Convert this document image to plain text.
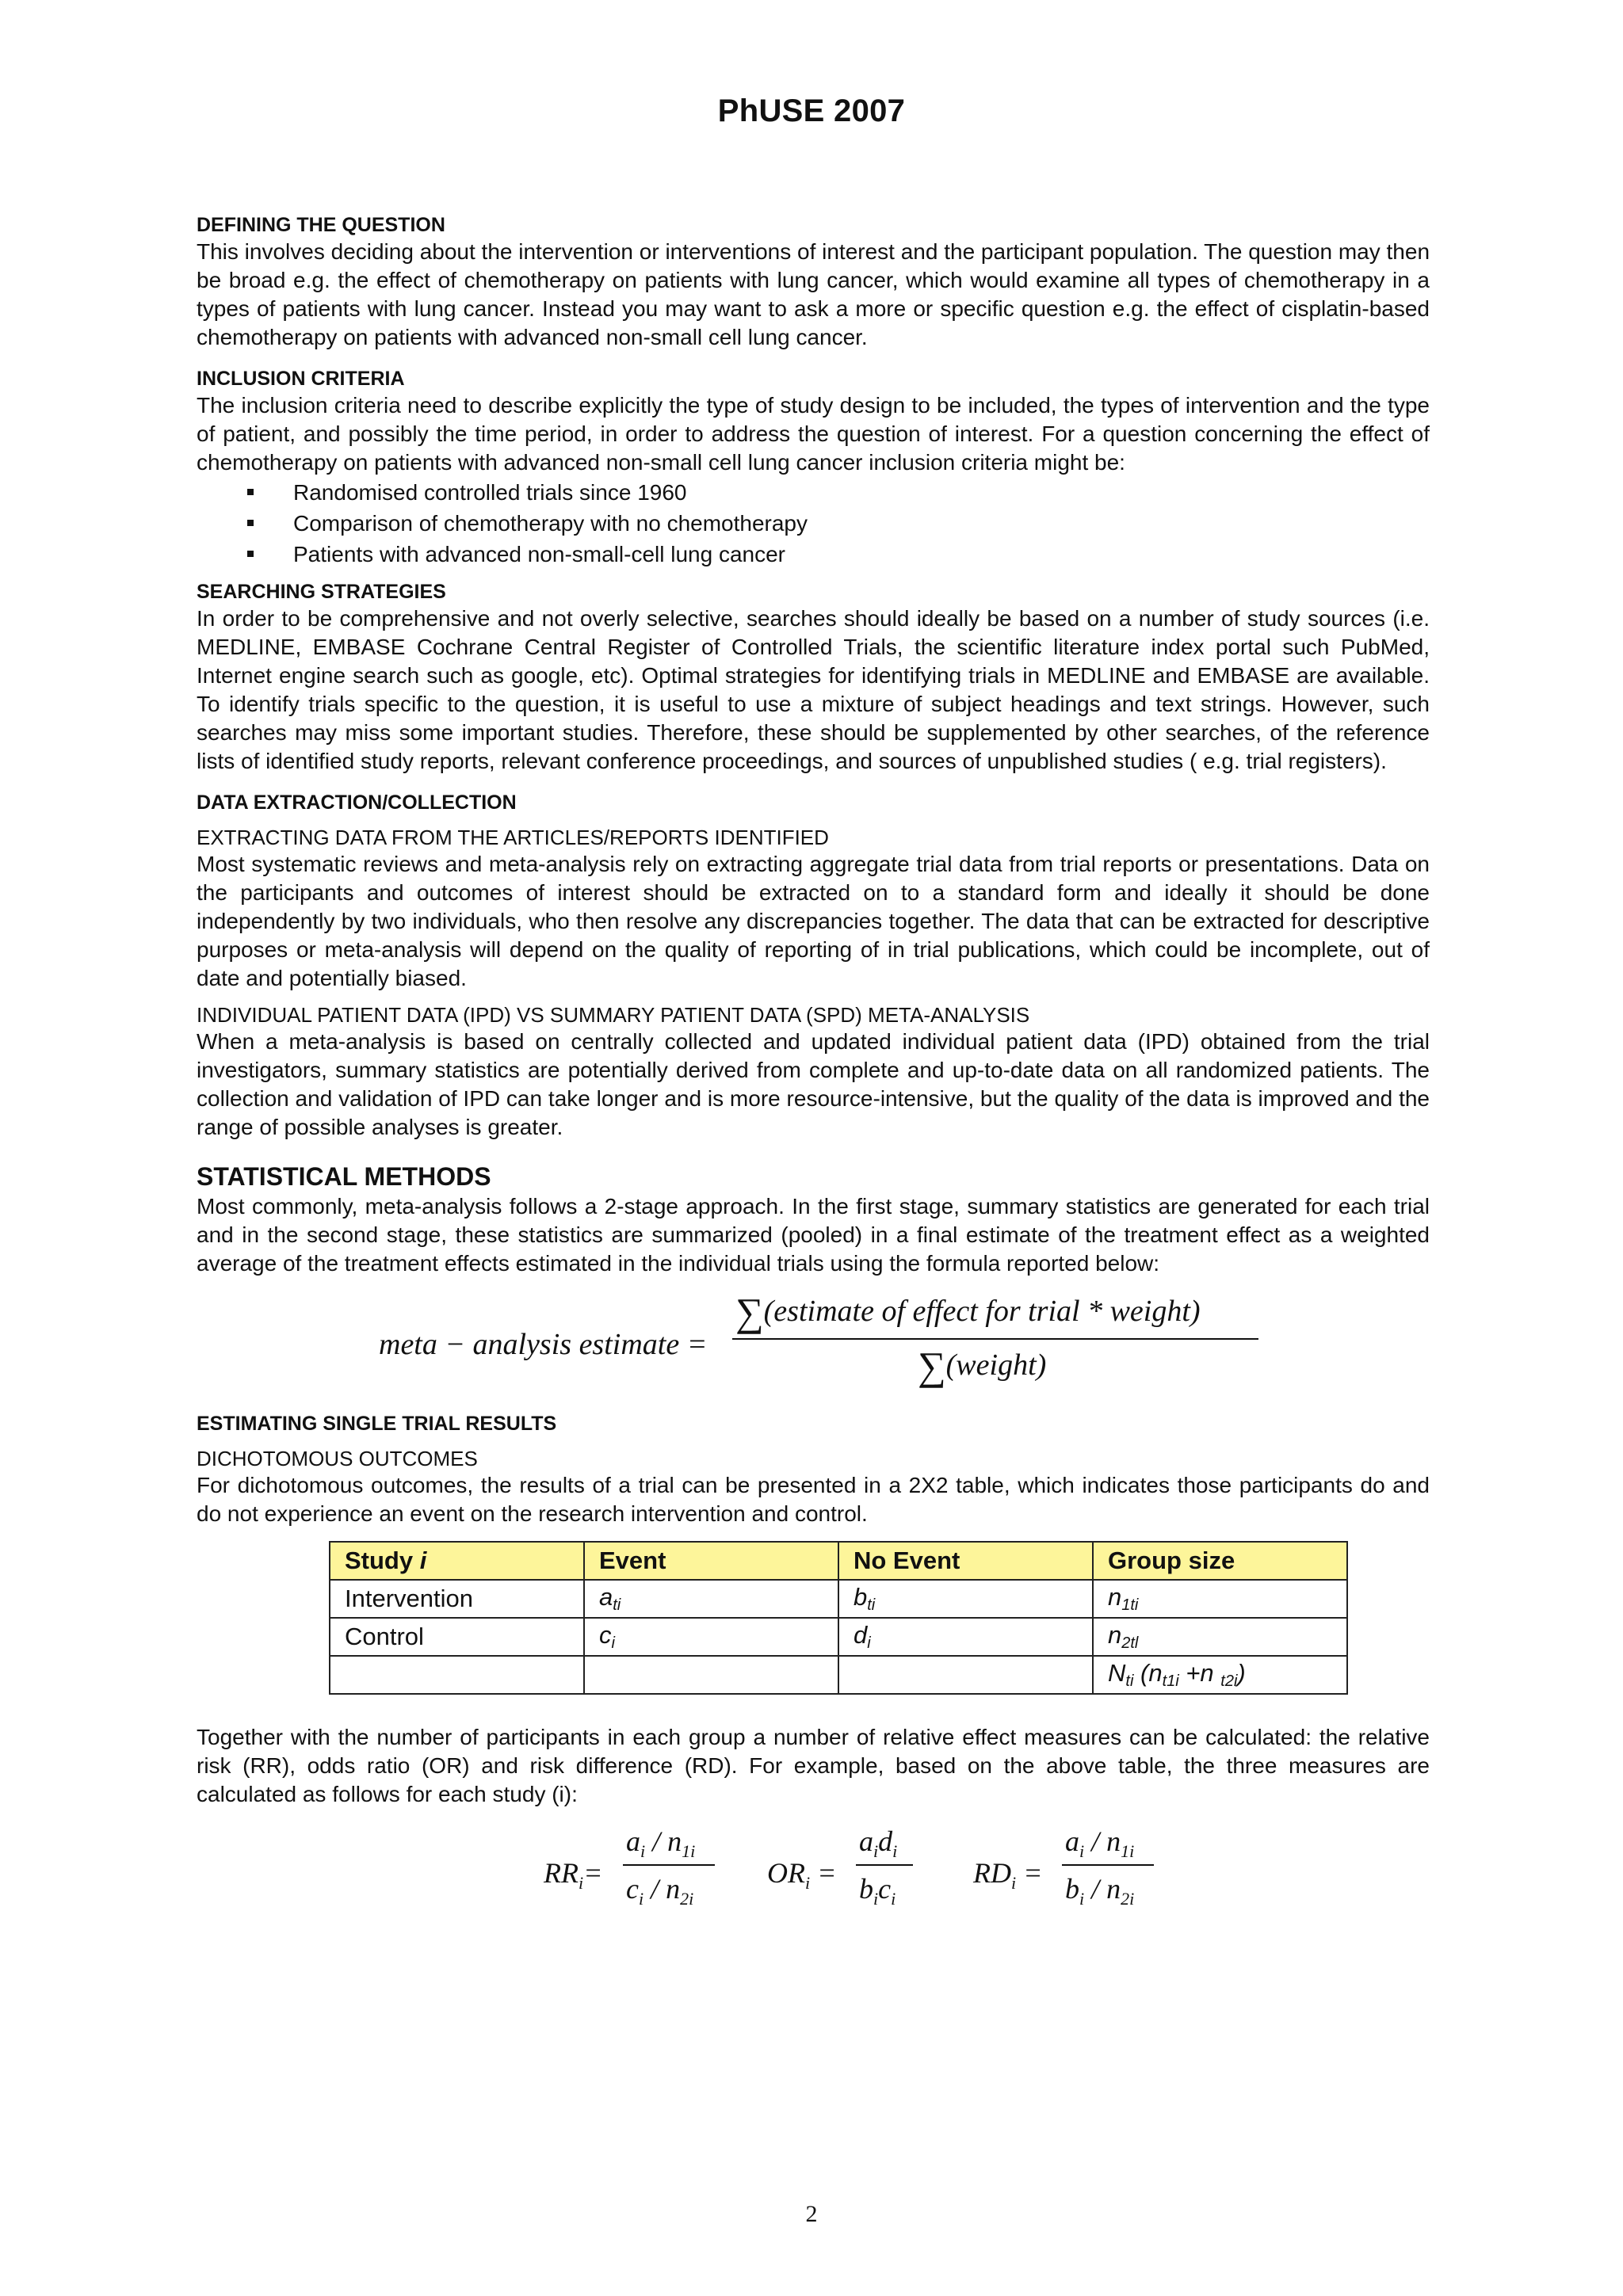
PhUSE 2007
DEFINING THE QUESTION

This involves deciding about the intervention or interventions of interest and the participant population. The question may then be broad e.g. the effect of chemotherapy on patients with lung cancer, which would examine all types of chemotherapy in a types of patients with lung cancer. Instead you may want to ask a more or specific question e.g. the effect of cisplatin-based chemotherapy on patients with advanced non-small cell lung cancer.

INCLUSION CRITERIA

The inclusion criteria need to describe explicitly the type of study design to be included, the types of intervention and the type of patient, and possibly the time period, in order to address the question of interest. For a question concerning the effect of chemotherapy on patients with advanced non-small cell lung cancer inclusion criteria might be:

Randomised controlled trials since 1960
Comparison of chemotherapy with no chemotherapy
Patients with advanced non-small-cell lung cancer
SEARCHING STRATEGIES

In order to be comprehensive and not overly selective, searches should ideally be based on a number of study sources (i.e. MEDLINE, EMBASE Cochrane Central Register of Controlled Trials, the scientific literature index portal such PubMed, Internet engine search such as google, etc). Optimal strategies for identifying trials in MEDLINE and EMBASE are available. To identify trials specific to the question, it is useful to use a mixture of subject headings and text strings. However, such searches may miss some important studies. Therefore, these should be supplemented by other searches, of the reference lists of identified study reports, relevant conference proceedings, and sources of unpublished studies ( e.g. trial registers).

DATA EXTRACTION/COLLECTION
EXTRACTING DATA FROM THE ARTICLES/REPORTS IDENTIFIED

Most systematic reviews and meta-analysis rely on extracting aggregate trial data from trial reports or presentations. Data on the participants and outcomes of interest should be extracted on to a standard form and ideally it should be done independently by two individuals, who then resolve any discrepancies together. The data that can be extracted for descriptive purposes or meta-analysis will depend on the quality of reporting of in trial publications, which could be incomplete, out of date and potentially biased.

INDIVIDUAL PATIENT DATA (IPD) VS SUMMARY PATIENT DATA (SPD) META-ANALYSIS

When a meta-analysis is based on centrally collected and updated individual patient data (IPD) obtained from the trial investigators, summary statistics are potentially derived from complete and up-to-date data on all randomized patients. The collection and validation of IPD can take longer and is more resource-intensive, but the quality of the data is improved and the range of possible analyses is greater.

STATISTICAL METHODS

Most commonly, meta-analysis follows a 2-stage approach. In the first stage, summary statistics are generated for each trial and in the second stage, these statistics are summarized (pooled) in a final estimate of the treatment effect as a weighted average of the treatment effects estimated in the individual trials using the formula reported below:

meta − analysis estimate =
∑(estimate of effect for trial * weight)
∑(weight)
ESTIMATING SINGLE TRIAL RESULTS
DICHOTOMOUS OUTCOMES

For dichotomous outcomes, the results of a trial can be presented in a 2X2 table, which indicates those participants do and do not experience an event on the research intervention and control.

Study i	Event	No Event	Group size
Intervention	$a_{ti}$	$b_{ti}$	$n_{1ti}$
Control	$c_i$	$d_i$	$n_{2tl}$
			$N_{ti}$ ($n_{t1i} +n$ $_{t2i}$)

Together with the number of participants in each group a number of relative effect measures can be calculated: the relative risk (RR), odds ratio (OR) and risk difference (RD). For example, based on the above table, the three measures are calculated as follows for each study (i):

$RR_i=$
$a_i / n_{1i}$
$c_i / n_{2i}$
$OR_i$ =
$a_id_i$
$b_ic_i$
$RD_i$ =
$a_i / n_{1i}$
$b_i / n_{2i}$
2
